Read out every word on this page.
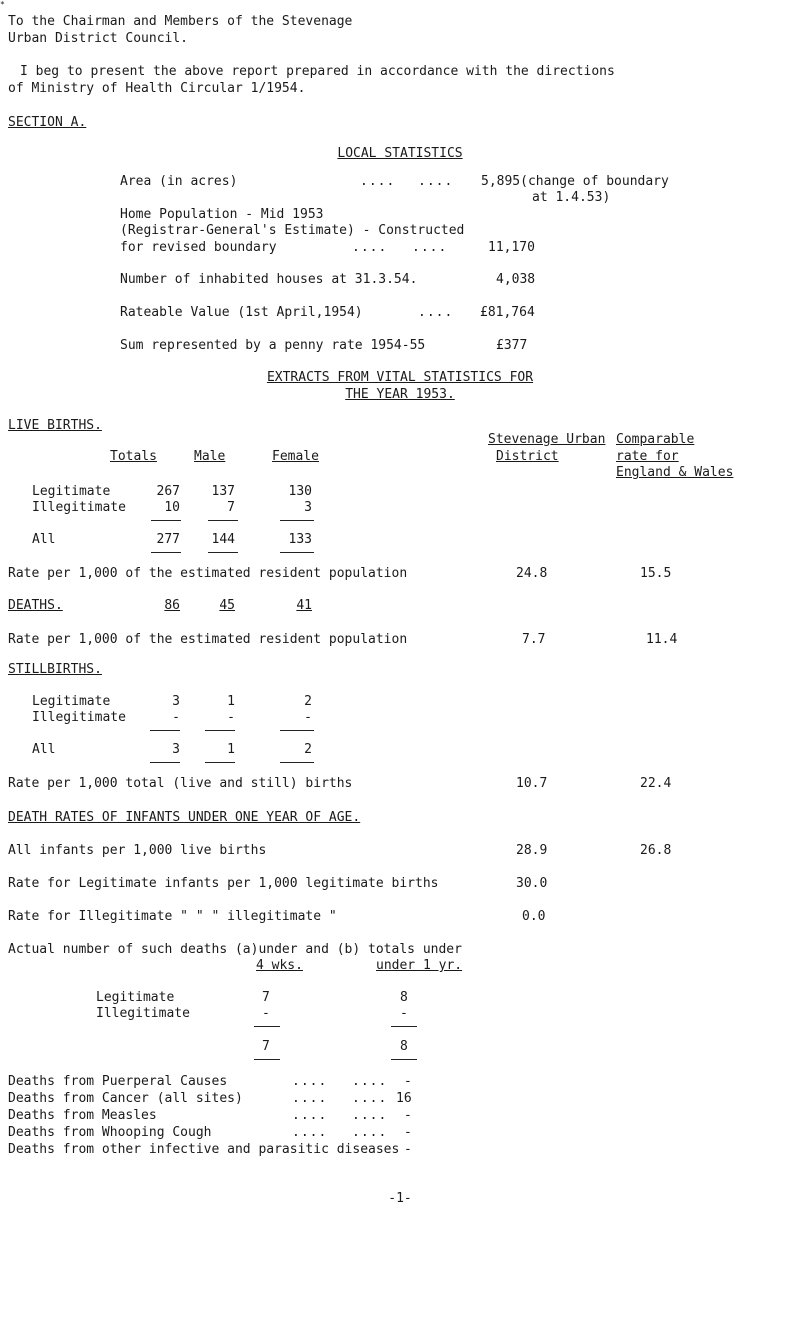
*
To the Chairman and Members of the Stevenage
Urban District Council.
I beg to present the above report prepared in accordance with the directions
of Ministry of Health Circular 1/1954.
SECTION A.
LOCAL STATISTICS
Area (in acres)	.... .... 5,895(change of boundary
at 1.4.53)
Home Population - Mid 1953
(Registrar-General's Estimate) - Constructed
for revised boundary	.... ....	11,170
Number of inhabited houses at 31.3.54.	4,038
Rateable Value (1st April,1954)	.... £81,764
Sum represented by a penny rate 1954-55	£377
EXTRACTS FROM VITAL STATISTICS FOR
THE YEAR 1953.
LIVE BIRTHS.
Stevenage Urban Comparable
Totals	Male	Female	District	rate for
England & Wales
Legitimate	267	137	130
Illegitimate	10	7	3
All	277	144	133
Rate per 1,000 of the estimated resident population	24.8	15.5
DEATHS.	86	45	41
Rate per 1,000 of the estimated resident population	7.7	11.4
STILLBIRTHS.
Legitimate	3	1	2
Illegitimate	-	-	-
All	3	1	2
Rate per 1,000 total (live and still) births	10.7	22.4
DEATH RATES OF INFANTS UNDER ONE YEAR OF AGE.
All infants per 1,000 live births	28.9	26.8
Rate for Legitimate infants per 1,000 legitimate births	30.0
Rate for Illegitimate " " " illegitimate "	0.0
Actual number of such deaths (a)under and (b) totals under
4 wks.	under 1 yr.
Legitimate	7	8
Illegitimate	-	-
7	8
Deaths from Puerperal Causes	.... .... -
Deaths from Cancer (all sites)	.... .... 16
Deaths from Measles	.... .... -
Deaths from Whooping Cough	.... .... -
Deaths from other infective and parasitic diseases -
-1-
